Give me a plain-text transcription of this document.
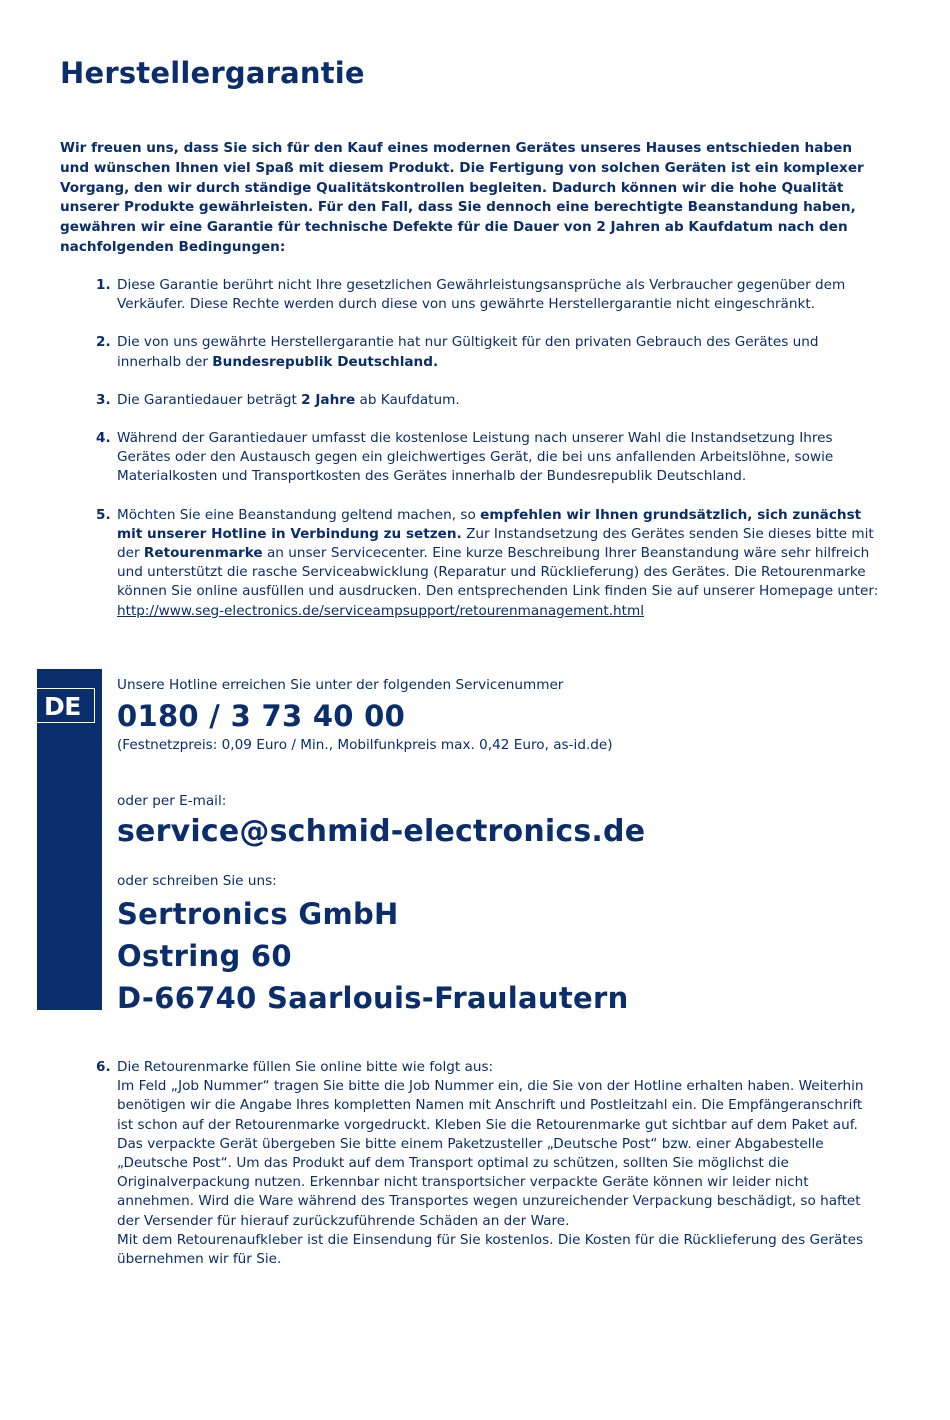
Herstellergarantie

Wir freuen uns, dass Sie sich für den Kauf eines modernen Gerätes unseres Hauses entschieden haben und wünschen Ihnen viel Spaß mit diesem Produkt. Die Fertigung von solchen Geräten ist ein komplexer Vorgang, den wir durch ständige Qualitätskontrollen begleiten. Dadurch können wir die hohe Qualität unserer Produkte gewährleisten. Für den Fall, dass Sie dennoch eine berechtigte Beanstandung haben, gewähren wir eine Garantie für technische Defekte für die Dauer von 2 Jahren ab Kaufdatum nach den nachfolgenden Bedingungen:

1. Diese Garantie berührt nicht Ihre gesetzlichen Gewährleistungsansprüche als Verbraucher gegenüber dem Verkäufer. Diese Rechte werden durch diese von uns gewährte Herstellergarantie nicht eingeschränkt.

2. Die von uns gewährte Herstellergarantie hat nur Gültigkeit für den privaten Gebrauch des Gerätes und innerhalb der Bundesrepublik Deutschland.

3. Die Garantiedauer beträgt 2 Jahre ab Kaufdatum.

4. Während der Garantiedauer umfasst die kostenlose Leistung nach unserer Wahl die Instandsetzung Ihres Gerätes oder den Austausch gegen ein gleichwertiges Gerät, die bei uns anfallenden Arbeitslöhne, sowie Materialkosten und Transportkosten des Gerätes innerhalb der Bundesrepublik Deutschland.

5. Möchten Sie eine Beanstandung geltend machen, so empfehlen wir Ihnen grundsätzlich, sich zunächst mit unserer Hotline in Verbindung zu setzen. Zur Instandsetzung des Gerätes senden Sie dieses bitte mit der Retourenmarke an unser Servicecenter. Eine kurze Beschreibung Ihrer Beanstandung wäre sehr hilfreich und unterstützt die rasche Serviceabwicklung (Reparatur und Rücklieferung) des Gerätes. Die Retourenmarke können Sie online ausfüllen und ausdrucken. Den entsprechenden Link finden Sie auf unserer Homepage unter: http://www.seg-electronics.de/serviceampsupport/retourenmanagement.html

DE
Unsere Hotline erreichen Sie unter der folgenden Servicenummer
0180 / 3 73 40 00
(Festnetzpreis: 0,09 Euro / Min., Mobilfunkpreis max. 0,42 Euro, as-id.de)
oder per E-mail:
service@schmid-electronics.de
oder schreiben Sie uns:
Sertronics GmbH
Ostring 60
D-66740 Saarlouis-Fraulautern
6. Die Retourenmarke füllen Sie online bitte wie folgt aus:

Im Feld „Job Nummer“ tragen Sie bitte die Job Nummer ein, die Sie von der Hotline erhalten haben. Weiterhin benötigen wir die Angabe Ihres kompletten Namen mit Anschrift und Postleitzahl ein. Die Empfängeranschrift ist schon auf der Retourenmarke vorgedruckt. Kleben Sie die Retourenmarke gut sichtbar auf dem Paket auf. Das verpackte Gerät übergeben Sie bitte einem Paketzusteller „Deutsche Post“ bzw. einer Abgabestelle „Deutsche Post“. Um das Produkt auf dem Transport optimal zu schützen, sollten Sie möglichst die Originalverpackung nutzen. Erkennbar nicht transportsicher verpackte Geräte können wir leider nicht annehmen. Wird die Ware während des Transportes wegen unzureichender Verpackung beschädigt, so haftet der Versender für hierauf zurückzuführende Schäden an der Ware.

Mit dem Retourenaufkleber ist die Einsendung für Sie kostenlos. Die Kosten für die Rücklieferung des Gerätes übernehmen wir für Sie.
